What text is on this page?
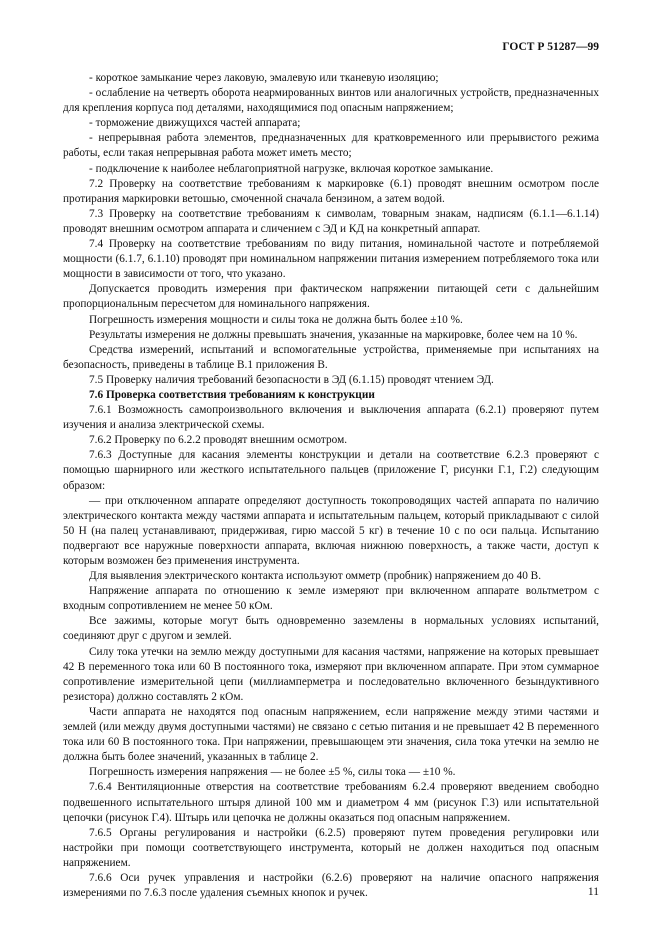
ГОСТ Р 51287—99

- короткое замыкание через лаковую, эмалевую или тканевую изоляцию;

- ослабление на четверть оборота неармированных винтов или аналогичных устройств, предназначенных для крепления корпуса под деталями, находящимися под опасным напряжением;

- торможение движущихся частей аппарата;

- непрерывная работа элементов, предназначенных для кратковременного или прерывистого режима работы, если такая непрерывная работа может иметь место;

- подключение к наиболее неблагоприятной нагрузке, включая короткое замыкание.

7.2 Проверку на соответствие требованиям к маркировке (6.1) проводят внешним осмотром после протирания маркировки ветошью, смоченной сначала бензином, а затем водой.

7.3 Проверку на соответствие требованиям к символам, товарным знакам, надписям (6.1.1—6.1.14) проводят внешним осмотром аппарата и сличением с ЭД и КД на конкретный аппарат.

7.4 Проверку на соответствие требованиям по виду питания, номинальной частоте и потребляемой мощности (6.1.7, 6.1.10) проводят при номинальном напряжении питания измерением потребляемого тока или мощности в зависимости от того, что указано.

Допускается проводить измерения при фактическом напряжении питающей сети с дальнейшим пропорциональным пересчетом для номинального напряжения.

Погрешность измерения мощности и силы тока не должна быть более ±10 %.

Результаты измерения не должны превышать значения, указанные на маркировке, более чем на 10 %.

Средства измерений, испытаний и вспомогательные устройства, применяемые при испытаниях на безопасность, приведены в таблице В.1 приложения В.

7.5 Проверку наличия требований безопасности в ЭД (6.1.15) проводят чтением ЭД.

7.6 Проверка соответствия требованиям к конструкции

7.6.1 Возможность самопроизвольного включения и выключения аппарата (6.2.1) проверяют путем изучения и анализа электрической схемы.

7.6.2 Проверку по 6.2.2 проводят внешним осмотром.

7.6.3 Доступные для касания элементы конструкции и детали на соответствие 6.2.3 проверяют с помощью шарнирного или жесткого испытательного пальцев (приложение Г, рисунки Г.1, Г.2) следующим образом:

— при отключенном аппарате определяют доступность токопроводящих частей аппарата по наличию электрического контакта между частями аппарата и испытательным пальцем, который прикладывают с силой 50 Н (на палец устанавливают, придерживая, гирю массой 5 кг) в течение 10 с по оси пальца. Испытанию подвергают все наружные поверхности аппарата, включая нижнюю поверхность, а также части, доступ к которым возможен без применения инструмента.

Для выявления электрического контакта используют омметр (пробник) напряжением до 40 В.

Напряжение аппарата по отношению к земле измеряют при включенном аппарате вольтметром с входным сопротивлением не менее 50 кОм.

Все зажимы, которые могут быть одновременно заземлены в нормальных условиях испытаний, соединяют друг с другом и землей.

Силу тока утечки на землю между доступными для касания частями, напряжение на которых превышает 42 В переменного тока или 60 В постоянного тока, измеряют при включенном аппарате. При этом суммарное сопротивление измерительной цепи (миллиамперметра и последовательно включенного безындуктивного резистора) должно составлять 2 кОм.

Части аппарата не находятся под опасным напряжением, если напряжение между этими частями и землей (или между двумя доступными частями) не связано с сетью питания и не превышает 42 В переменного тока или 60 В постоянного тока. При напряжении, превышающем эти значения, сила тока утечки на землю не должна быть более значений, указанных в таблице 2.

Погрешность измерения напряжения — не более ±5 %, силы тока — ±10 %.

7.6.4 Вентиляционные отверстия на соответствие требованиям 6.2.4 проверяют введением свободно подвешенного испытательного штыря длиной 100 мм и диаметром 4 мм (рисунок Г.3) или испытательной цепочки (рисунок Г.4). Штырь или цепочка не должны оказаться под опасным напряжением.

7.6.5 Органы регулирования и настройки (6.2.5) проверяют путем проведения регулировки или настройки при помощи соответствующего инструмента, который не должен находиться под опасным напряжением.

7.6.6 Оси ручек управления и настройки (6.2.6) проверяют на наличие опасного напряжения измерениями по 7.6.3 после удаления съемных кнопок и ручек.	11
